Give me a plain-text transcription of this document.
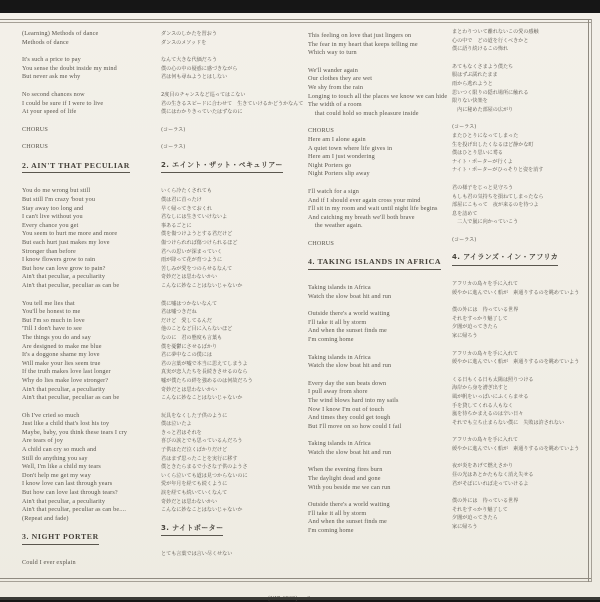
(Learning) Methods of dance
Methods of dance
It's such a price to pay
You sense the doubt inside my mind
But never ask me why
No second chances now
I could be sure if I were to live
At your speed of life
CHORUS
CHORUS
2. AIN'T THAT PECULIAR
You do me wrong but still
But still I'm crazy 'bout you
Stay away too long and
I can't live without you
Every chance you get
You seem to hurt me more and more
But each hurt just makes my love
Stronger than before
I know flowers grow to rain
But how can love grow to pain?
Ain't that peculiar, a peculiarity
Ain't that peculiar, peculiar as can be
You tell me lies that
You'll be honest to me
But I'm so much in love
'Till I don't have to see
The things you do and say
Are designed to make me blue
It's a doggone shame my love
Will make your lies seem true
If the truth makes love last longer
Why do lies make love stronger?
Ain't that peculiar, a peculiarity
Ain't that peculiar, peculiar as can be
Oh I've cried so much
Just like a child that's lost his toy
Maybe, baby, you think these tears I cry
Are tears of joy
A child can cry so much and
Still do anything you say
Well, I'm like a child my tears
Don't help me get my way
I know love can last through years
But how can love last through tears?
Ain't that peculiar, a peculiarity
Ain't that peculiar, peculiar as can be....
(Repeat and fade)
3. NIGHT PORTER
Could I ever explain
ダンスのしかたを習おう
ダンスのメソッドを
なんて大きな代価だろう
僕の心の中の疑惑に感づきながら
君は何も尋ねようとはしない
2度目のチャンスなど巡ってはこない
君の生きるスピードに合わせて　生きていけるかどうかなんて
僕にはわかりきっていたはずなのに
(コーラス)
(コーラス)
2. エイント・ザット・ペキュリアー
いくら冷たくされても
僕は君に首ったけ
早く帰ってきておくれ
君なしには生きていけないよ
事あるごとに
僕を傷つけようとする君だけど
傷つけられれば傷つけられるほど
君への思いが深まっていく
雨が降って花が育つように
苦しみが愛をつのらせるなんて
奇妙だとは思わないかい
こんなに妙なことはないじゃないか
僕に嘘はつかないなんて
君は嘘つきだね
だけど　愛してるんだ
他のことなど目に入らないほど
なのに　君の態度も言葉も
僕を憂鬱にさせるばかり
君に夢中なこの僕には
君の言葉が嘘で本当に思えてしまうよ
真実が恋人たちを長続きさせるのなら
嘘が僕たちの絆を強めるのは何故だろう
奇妙だとは思わないかい
こんなに妙なことはないじゃないか
玩具をなくした子供のように
僕は泣いたよ
きっと君はそれを
喜びの涙とでも思っているんだろう
子供はただ泣くばかりだけど
君はまず思ったことを実行に移す
僕ときたらまるで小さな子供のようさ
いくら泣いても道は見つからないのに
愛が年月を経ても続くように
涙を経ても続いていくなんて
奇妙だとは思わないかい
こんなに妙なことはないじゃないか
3. ナイトポーター
とても言葉では言い尽くせない
This feeling on love that just lingers on
The fear in my heart that keeps telling me
Which way to turn
We'll wander again
Our clothes they are wet
We shy from the rain
Longing to touch all the places we know we can hide
The width of a room
that could hold so much pleasure inside
CHORUS
Here am I alone again
A quiet town where life gives in
Here am I just wondering
Night Porters go
Night Porters slip away
I'll watch for a sign
And if I should ever again cross your mind
I'll sit in my room and wait until night life begins
And catching my breath we'll both brave
the weather again.
CHORUS
4. TAKING ISLANDS IN AFRICA
Taking islands in Africa
Watch the slow boat hit and run
Outside there's a world waiting
I'll take it all by storm
And when the sunset finds me
I'm coming home
Taking islands in Africa
Watch the slow boat hit and run
Every day the sun beats down
I pull away from shore
The wind blows hard into my sails
Now I know I'm out of touch
And times they could get tough
But I'll move on so how could I fail
Taking islands in Africa
Watch the slow boat hit and run
When the evening fires burn
The daylight dead and gone
With you beside me we can run
Outside there's a world waiting
I'll take it all by storm
And when the sunset finds me
I'm coming home
まとわりついて離れないこの愛の感触
心の中で　どの道を行くべきかと
僕に語り続けるこの怖れ
あてもなくさまよう僕たち
服はずぶ濡れたまま
雨から逃れようと
思いつく限りの隠れ場所に触れる
限りない快楽を
　内に秘めた部屋の広がり
(コーラス)
またひとりになってしまった
生を投げ出したくなるほど静かな町
僕はひとり思いに耉る
ナイト・ポーターが行くよ
ナイト・ポーターがひっそりと姿を消す
君の様子をじっと見守ろう
もしも君の気持ちを損ねてしまったなら
部屋にこもって　夜が来るのを待つよ
息を詰めて
　二人で嵐に向かっていこう
(コーラス)
4. アイランズ・イン・アフリカ
アフリカの島々を手に入れて
緩やかに進んでいく船が　素通りするのを眺めていよう
僕の外には　待っている世界
それをすっかり魅了して
夕闇が迫ってきたら
家に帰ろう
アフリカの島々を手に入れて
緩やかに進んでいく船が　素通りするのを眺めていよう
くる日もくる日も太陽は照りつける
海岸から身を漕ぎ出すと
風が帆をいっぱいにふくらませる
手を貸してくれる人もなく
嵐を待ちかまえるのは辛い日々
それでも立ち止まらない僕に　失敗は許されない
アフリカの島々を手に入れて
緩やかに進んでいく船が　素通りするのを眺めていよう
夜が炎をあげて燃えさかり
昼の光はあとかたもなく消え失せる
君がそばにいれば走っていけるよ
僕の外には　待っている世界
それをすっかり魅了して
夕闇が迫ってきたら
家に帰ろう
